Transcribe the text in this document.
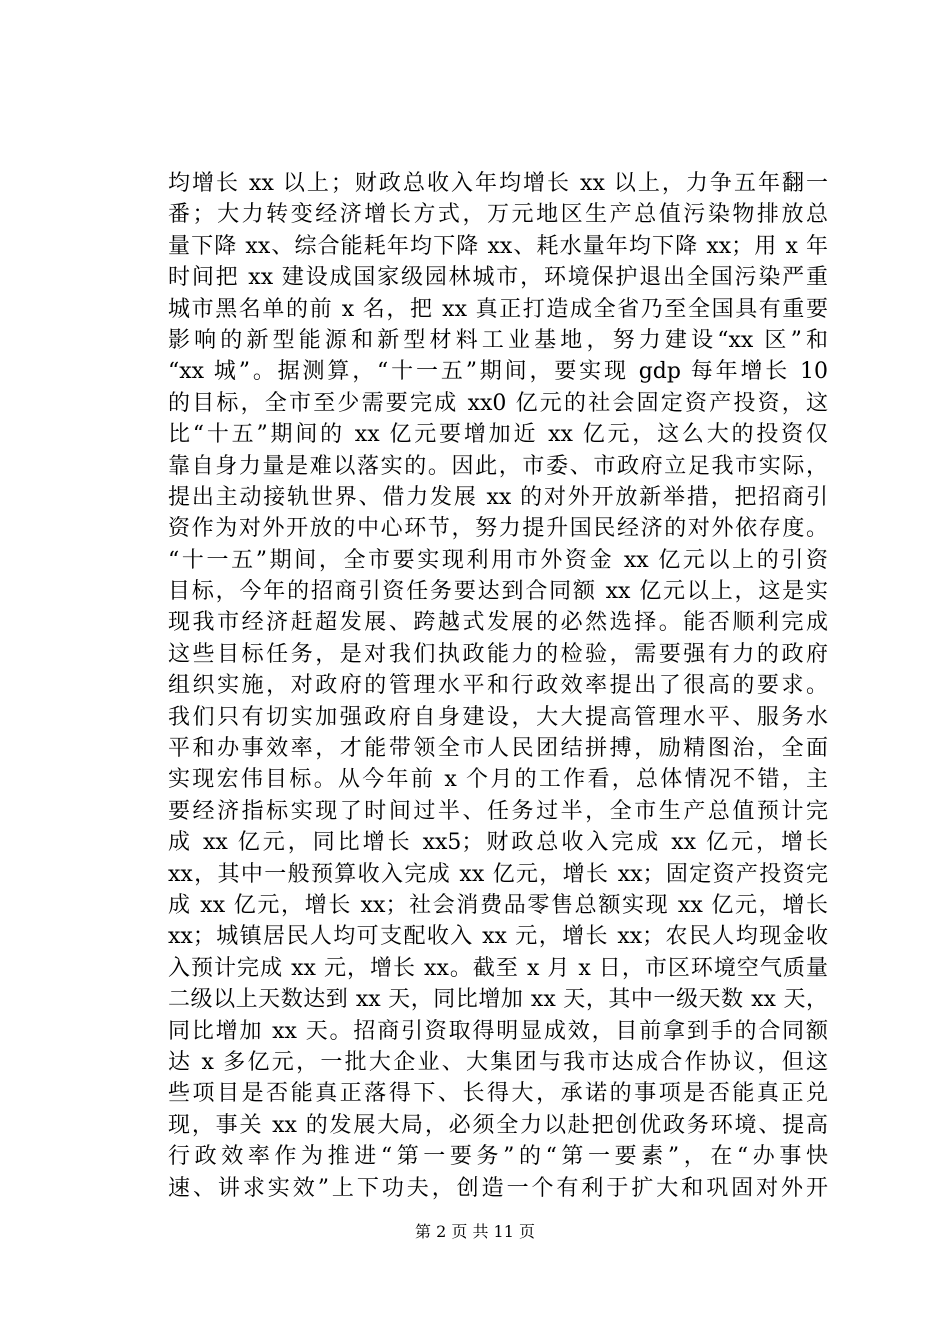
均增长 xx 以上；财政总收入年均增长 xx 以上，力争五年翻一
番；大力转变经济增长方式，万元地区生产总值污染物排放总
量下降 xx、综合能耗年均下降 xx、耗水量年均下降 xx；用 x 年
时间把 xx 建设成国家级园林城市，环境保护退出全国污染严重
城市黑名单的前 x 名，把 xx 真正打造成全省乃至全国具有重要
影响的新型能源和新型材料工业基地，努力建设“xx 区”和
“xx 城”。据测算，“十一五”期间，要实现 gdp 每年增长 10
的目标，全市至少需要完成 xx0 亿元的社会固定资产投资，这
比“十五”期间的 xx 亿元要增加近 xx 亿元，这么大的投资仅
靠自身力量是难以落实的。因此，市委、市政府立足我市实际，
提出主动接轨世界、借力发展 xx 的对外开放新举措，把招商引
资作为对外开放的中心环节，努力提升国民经济的对外依存度。
“十一五”期间，全市要实现利用市外资金 xx 亿元以上的引资
目标，今年的招商引资任务要达到合同额 xx 亿元以上，这是实
现我市经济赶超发展、跨越式发展的必然选择。能否顺利完成
这些目标任务，是对我们执政能力的检验，需要强有力的政府
组织实施，对政府的管理水平和行政效率提出了很高的要求。
我们只有切实加强政府自身建设，大大提高管理水平、服务水
平和办事效率，才能带领全市人民团结拼搏，励精图治，全面
实现宏伟目标。从今年前 x 个月的工作看，总体情况不错，主
要经济指标实现了时间过半、任务过半，全市生产总值预计完
成 xx 亿元，同比增长 xx5；财政总收入完成 xx 亿元，增长
xx，其中一般预算收入完成 xx 亿元，增长 xx；固定资产投资完
成 xx 亿元，增长 xx；社会消费品零售总额实现 xx 亿元，增长
xx；城镇居民人均可支配收入 xx 元，增长 xx；农民人均现金收
入预计完成 xx 元，增长 xx。截至 x 月 x 日，市区环境空气质量
二级以上天数达到 xx 天，同比增加 xx 天，其中一级天数 xx 天，
同比增加 xx 天。招商引资取得明显成效，目前拿到手的合同额
达 x 多亿元，一批大企业、大集团与我市达成合作协议，但这
些项目是否能真正落得下、长得大，承诺的事项是否能真正兑
现，事关 xx 的发展大局，必须全力以赴把创优政务环境、提高
行政效率作为推进“第一要务”的“第一要素”，在“办事快
速、讲求实效”上下功夫，创造一个有利于扩大和巩固对外开
第 2 页 共 11 页
